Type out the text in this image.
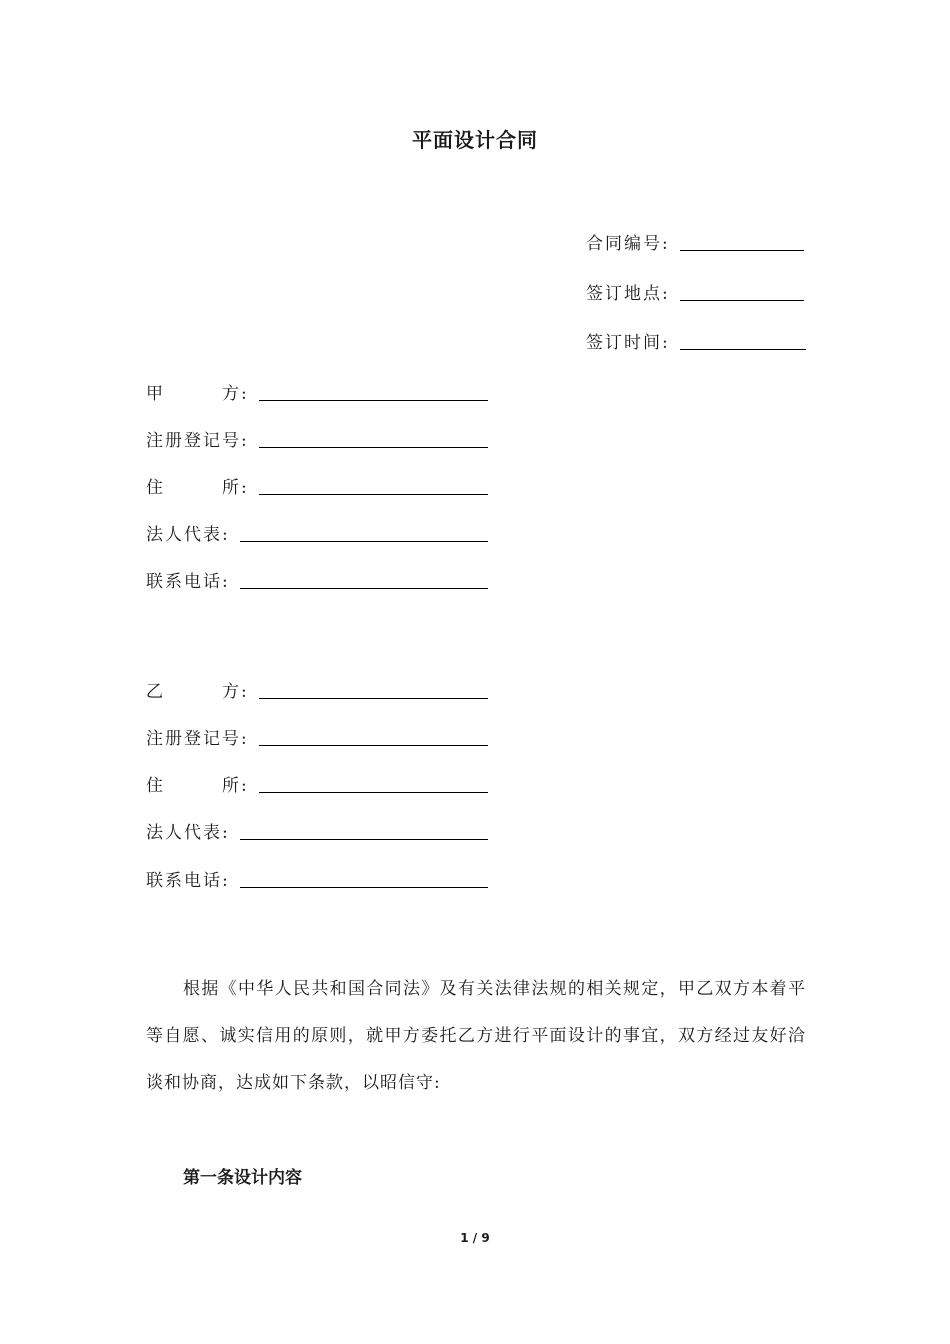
平面设计合同
合同编号:
签订地点:
签订时间:
甲　　　方:
注册登记号:
住　　　所:
法人代表:
联系电话:
乙　　　方:
注册登记号:
住　　　所:
法人代表:
联系电话:

根据《中华人民共和国合同法》及有关法律法规的相关规定，甲乙双方本着平等自愿、诚实信用的原则，就甲方委托乙方进行平面设计的事宜，双方经过友好洽谈和协商，达成如下条款，以昭信守:

第一条设计内容
1 / 9
